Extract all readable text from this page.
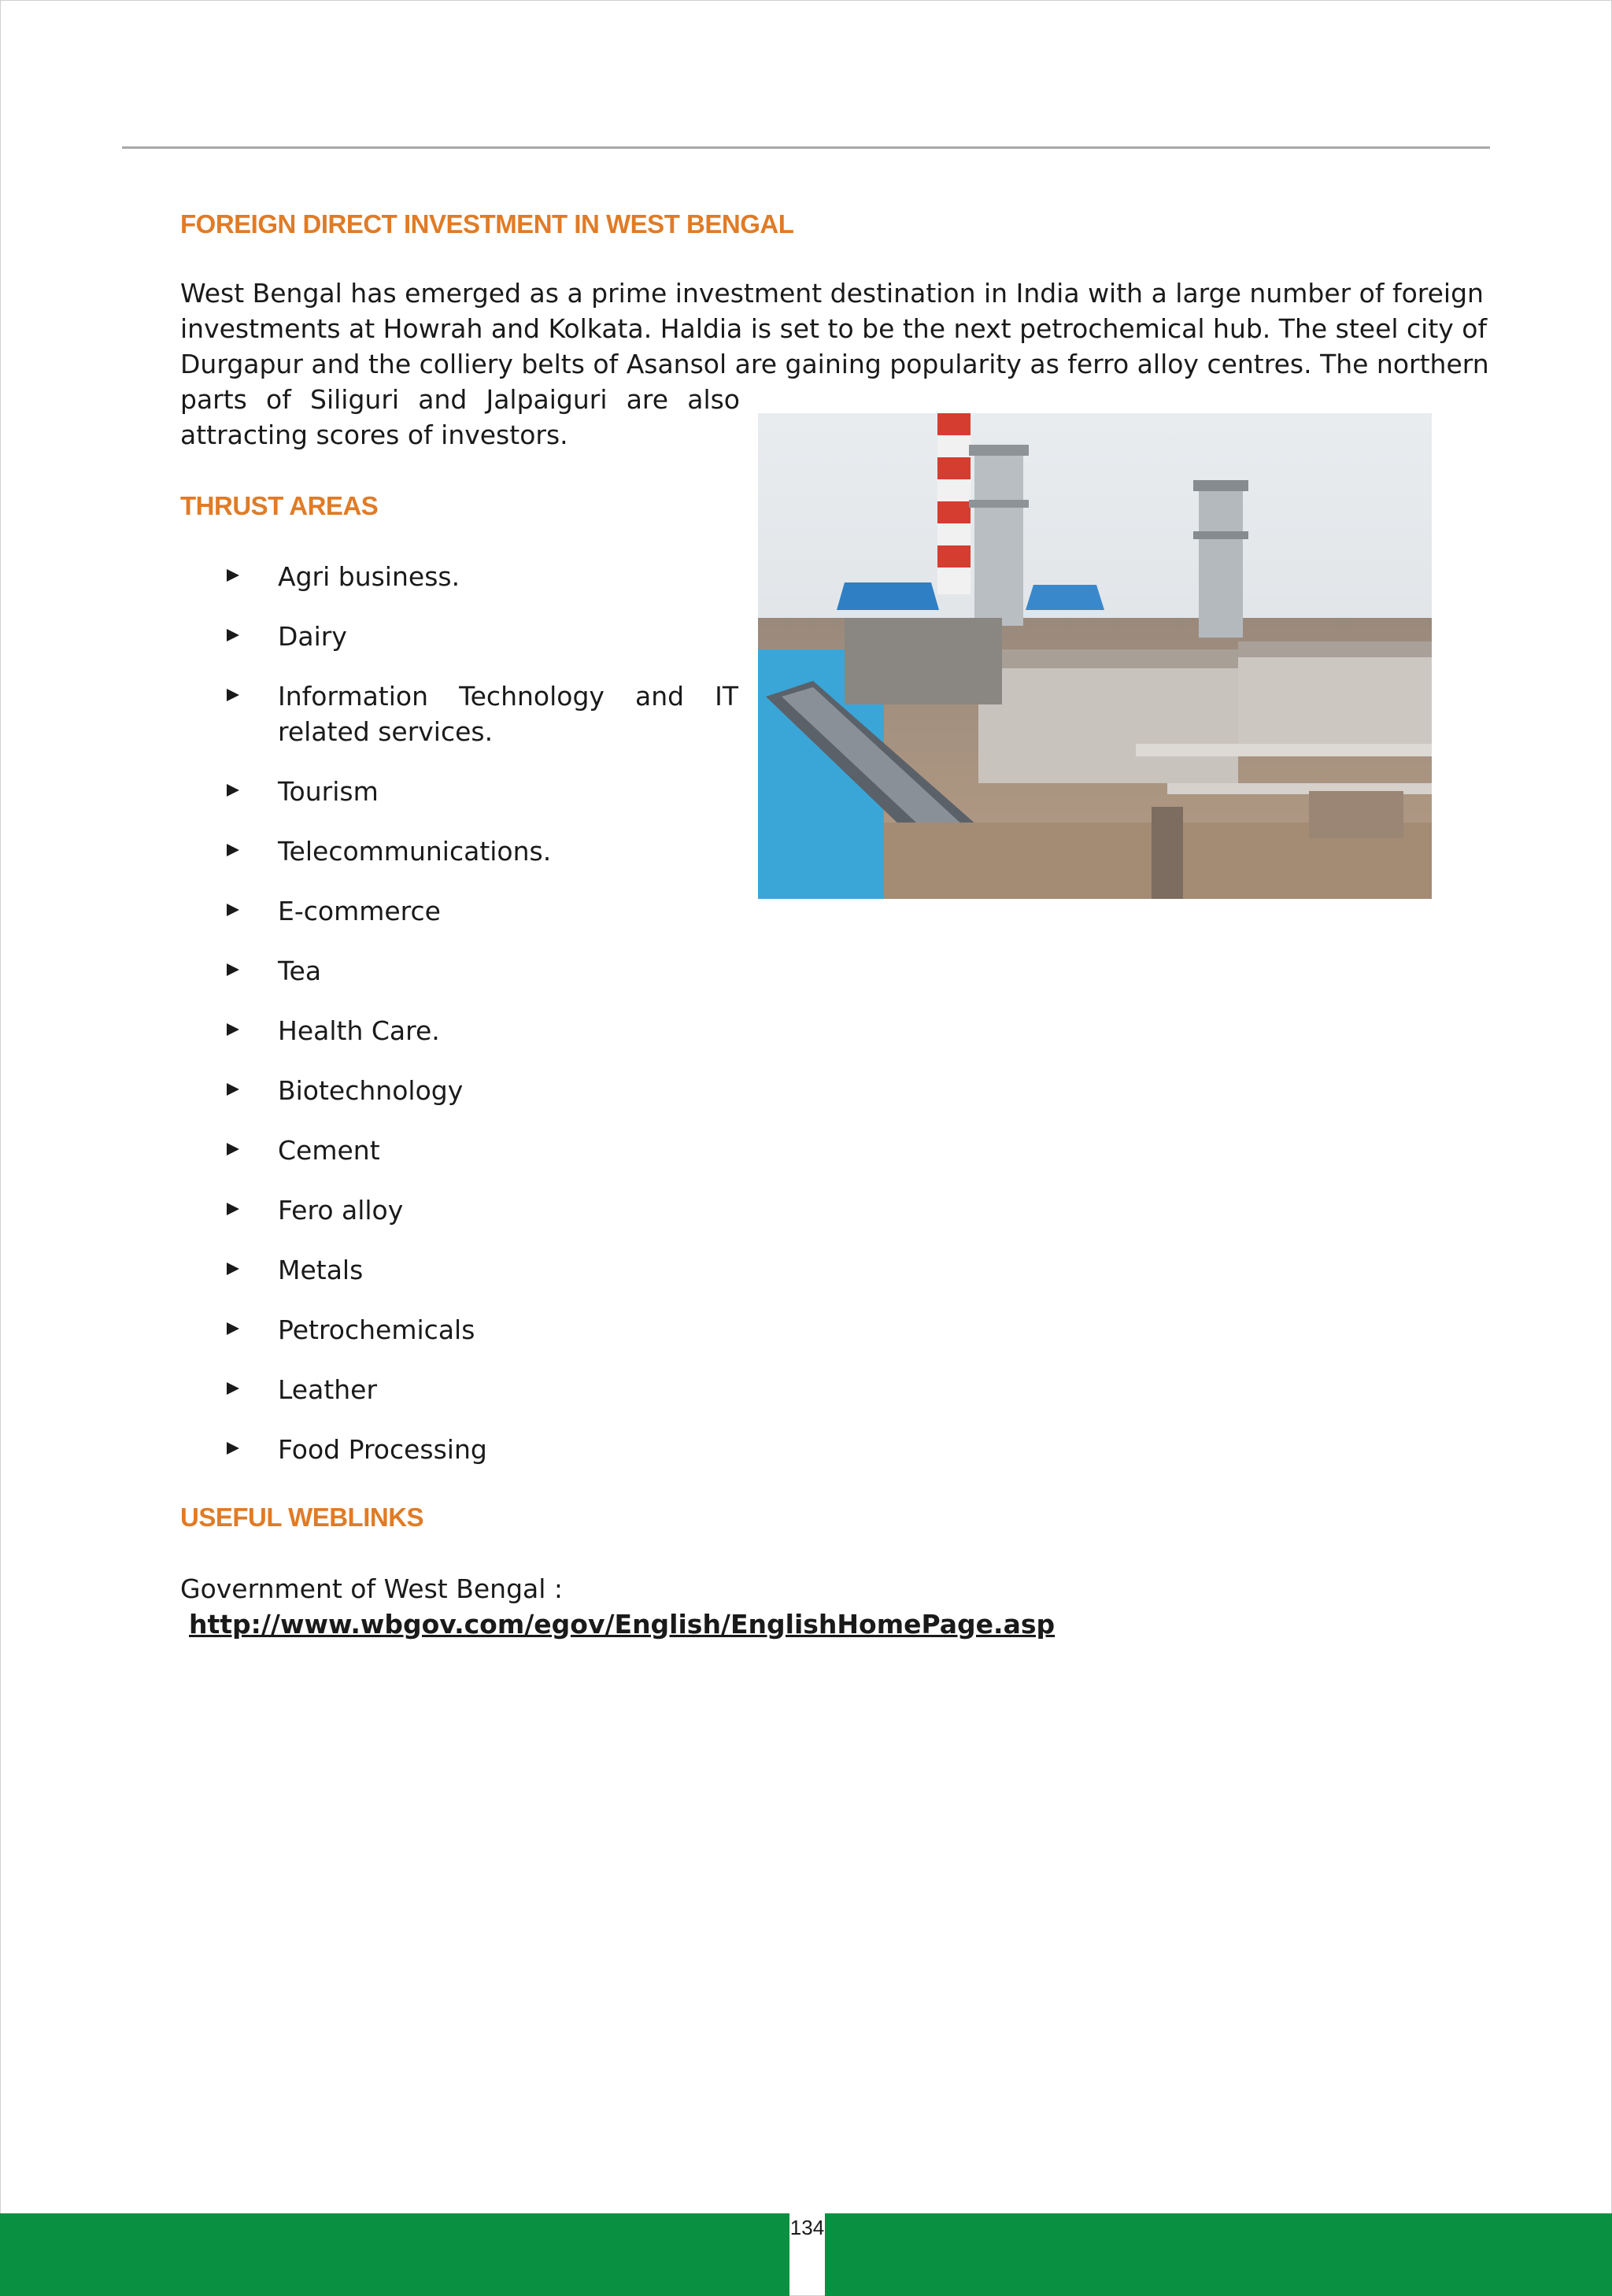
FOREIGN DIRECT INVESTMENT IN WEST BENGAL

West Bengal has emerged as a prime investment destination in India with a large number of foreign
investments at Howrah and Kolkata. Haldia is set to be the next petrochemical hub. The steel city of
Durgapur and the colliery belts of Asansol are gaining popularity as ferro alloy centres. The northern
parts of Siliguri and Jalpaiguri are also
attracting scores of investors.

THRUST AREAS
Agri business.
Dairy
Information Technology and IT related services.
Tourism
Telecommunications.
E-commerce
Tea
Health Care.
Biotechnology
Cement
Fero alloy
Metals
Petrochemicals
Leather
Food Processing
USEFUL WEBLINKS

Government of West Bengal :

http://www.wbgov.com/egov/English/EnglishHomePage.asp
134
